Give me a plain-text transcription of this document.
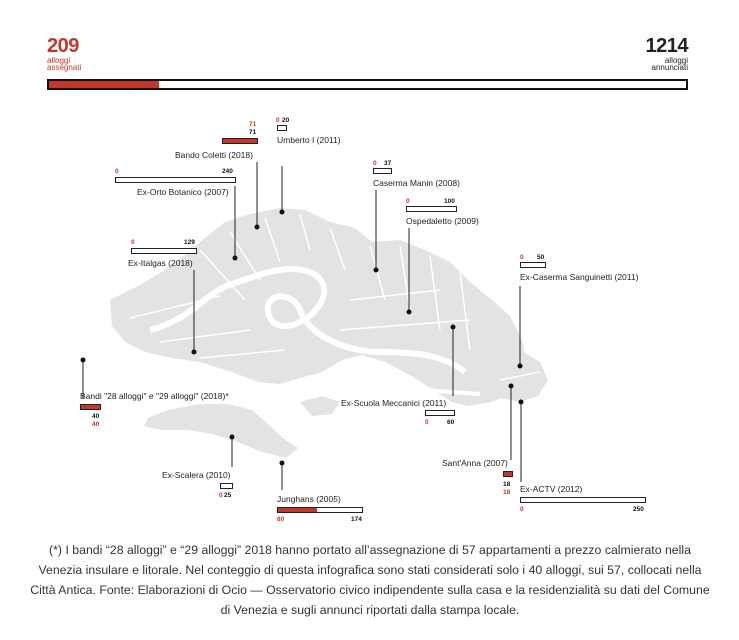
209
alloggi
assegnati
1214
alloggi
annunciati
71
71
Bando Coletti (2018)
0 20
Umberto I (2011)
0	240
Ex-Orto Botanico (2007)
0 37
Caserma Manin (2008)
0	100
Ospedaletto (2009)
0	129
Ex-Italgas (2018)
0 50
Ex-Caserma Sanguinetti (2011)
Bandi "28 alloggi" e "29 alloggi" (2018)*
40
40
Ex-Scuola Meccanici (2011)
0	60
Ex-Scalera (2010)
0 25
Sant'Anna (2007)
18
18
Junghans (2005)
80	174
Ex-ACTV (2012)
0	250
(*) I bandi “28 alloggi” e “29 alloggi” 2018 hanno portato all’assegnazione di 57 appartamenti a prezzo calmierato nella Venezia insulare e litorale. Nel conteggio di questa infografica sono stati considerati solo i 40 alloggi, sui 57, collocati nella Città Antica. Fonte: Elaborazioni di Ocio — Osservatorio civico indipendente sulla casa e la residenzialità su dati del Comune di Venezia e sugli annunci riportati dalla stampa locale.
